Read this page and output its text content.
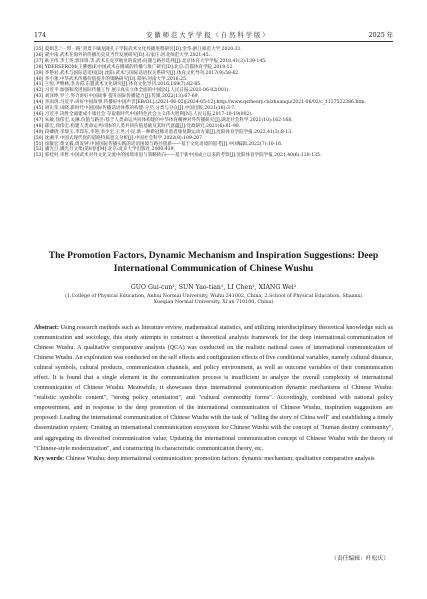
174	安 徽 师 范 大 学 学 报 （ 自 然 科 学 版 ）	2025 年
[35] 夏娟艺.“一带一路”背景下嘀龙隆孔子学院武术文化传播进程研究[D].金华:浙江师范大学,2020:31.
[36] 聂中南.武术在海外的传播历史及当代发展研究[D].石家庄:河北师范大学,2021:45.
[37] 耿卫伟,李士英,郭泽锋,等.武术在克罗地亚的发展:问题与路径选择[J].北京体育大学学报,2018,41(3):139-145.
[38] YDERSFROM(王佛德)F.中国武术在挪威的传播与推广研究[D].北京:首都体育学院,2018:12.
[39] 李艳君.武术与国际话语权[D].沈阳:武术与国际话语权关系研究[J].体育文化导刊,2017(9):58-62.
[40] 李小蕾.中华武术传播价值提升的策略研究[D].郑州:河南大学,2016:25.
[41] 王恒,尹继林,李为茵.东盟武术文化研究[J].体育文化导刊,2016,169(7):82-85.
[42] 习近平.加强和改进国际传播工作 展示真实立体全面的中国[N].人民日报,2021-06-02(001).
[43] 刘泽坤,罗兰.努力讲好中国故事 提升国际传播能力[J].传媒,2022(13):67-69.
[44] 李雨玥.习近平:讲好中国故事,传播好中国声音[EB/OL].(2021-06-02)[2024-05-12].http://www.qstheory.cn/zhuanqu/2021-06/02/c_1127522386.htm.
[45] 胡正荣,田晓.新时代中国国际传播话语体系的构建:分层,分类与分众[J].中国出版,2021(16):3-7.
[46] 习近平.决胜全面建成小康社会 夺取新时代中国特色社会主义伟大胜利[N].人民日报,2017-10-19(002).
[47] 朱敏,徐伟宏,关琳.价值与路径:基于人类命运共同体构建的中华体育精神对外传播研究[J].湖北社会科学,2021(10):162-168.
[48] 郁宏,徐伟宏.构建人类命运共同体的人类共同价值基础及其时代意蕴[J].党政研究,2021(6):81-90.
[49] 段卿倩,李瑞玉,李印东,李进,李少宏,王英,小民.新一种新冠肺炎患者康复期运动方案[J].沈阳体育学院学报,2022,41(3):8-13.
[50] 沈湘平.中国式现代化的道路特质意义分析[J].中国社会科学,2022(8):109-207.
[51] 徐敏宏,黄文毅,周发钟.中国国际传播实践的话语困境与路径创新——基于文化语境的思考[J].中国编辑,2022(7):10-16.
[52] 潘光旦.潘光旦文集(第8卷)[M].北京:北京大学出版社,2000:439.
[53] 郭桂村,李哲.中国武术对外文化交流中的困境审思与策略转向——基于新中国成立以来的考察[J].沈阳体育学院学报,2021,40(6):128-135.
The Promotion Factors, Dynamic Mechanism and Inspiration Suggestions: Deep International Communication of Chinese Wushu
GUO Gui-cun¹, SUN Yao-tian¹, LI Chen¹, XIANG Wei²
(1.College of Physical Education, Anhui Normal University, Wuhu 241002, China; 2.School of Physical Education, Shaanxi Xueqian Normal University, Xi'an 710100, China)

Abstract: Using research methods such as literature review, mathematical statistics, and utilizing interdisciplinary theoretical knowledge such as communication and sociology, this study attempts to construct a theoretical analysis framework for the deep international communication of Chinese Wushu. A qualitative comparative analysis (QCA) was conducted on the realistic national cases of international communication of Chinese Wushu. An exploration was conducted on the self effects and configuration effects of five conditional variables, namely cultural distance, cultural symbols, cultural products, communication channels, and policy environment, as well as outcome variables of their communication effect. It is found that a single element in the communication process is insufficient to analyze the overall complexity of international communication of Chinese Wushu. Meanwhile, it showcases three international communication dynamic mechanisms of Chinese Wushu: "realistic symbolic content", "strong policy orientation", and "cultural commodity forms". Accordingly, combined with national policy empowerment, and in response to the deep promotion of the international communication of Chinese Wushu, inspiration suggestions are proposed: Leading the international communication of Chinese Wushu with the task of "telling the story of China well" and establishing a timely dissemination system; Creating an international communication ecosystem for Chinese Wushu with the concept of "human destiny community", and aggregating its diversified communication value; Updating the international communication concept of Chinese Wushu with the theory of "Chinese-style modernization", and constructing its characteristic communication theory, etc.

Key words: Chinese Wushu; deep international communication; promotion factors; dynamic mechanism; qualitative comparative analysis

（责任编辑：叶松庆）
